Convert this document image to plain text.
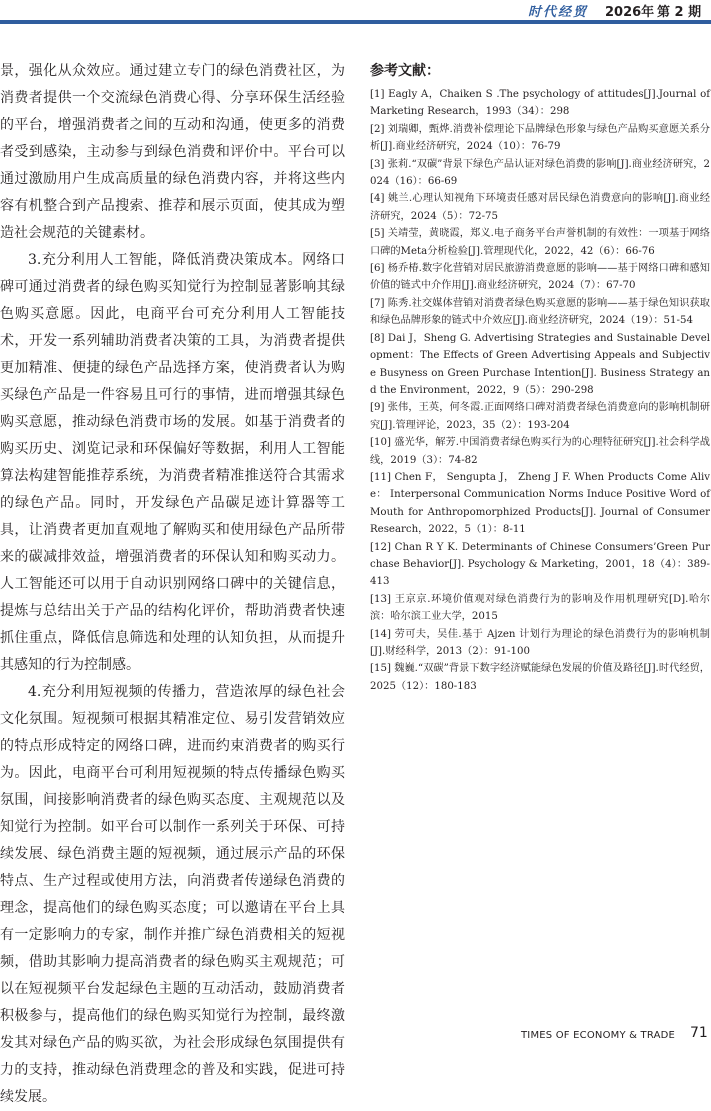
时代经贸 2026年 第 2 期

景，强化从众效应。通过建立专门的绿色消费社区，为消费者提供一个交流绿色消费心得、分享环保生活经验的平台，增强消费者之间的互动和沟通，使更多的消费者受到感染，主动参与到绿色消费和评价中。平台可以通过激励用户生成高质量的绿色消费内容，并将这些内容有机整合到产品搜索、推荐和展示页面，使其成为塑造社会规范的关键素材。

3.充分利用人工智能，降低消费决策成本。网络口碑可通过消费者的绿色购买知觉行为控制显著影响其绿色购买意愿。因此，电商平台可充分利用人工智能技术，开发一系列辅助消费者决策的工具，为消费者提供更加精准、便捷的绿色产品选择方案，使消费者认为购买绿色产品是一件容易且可行的事情，进而增强其绿色购买意愿，推动绿色消费市场的发展。如基于消费者的购买历史、浏览记录和环保偏好等数据，利用人工智能算法构建智能推荐系统，为消费者精准推送符合其需求的绿色产品。同时，开发绿色产品碳足迹计算器等工具，让消费者更加直观地了解购买和使用绿色产品所带来的碳减排效益，增强消费者的环保认知和购买动力。人工智能还可以用于自动识别网络口碑中的关键信息，提炼与总结出关于产品的结构化评价，帮助消费者快速抓住重点，降低信息筛选和处理的认知负担，从而提升其感知的行为控制感。

4.充分利用短视频的传播力，营造浓厚的绿色社会文化氛围。短视频可根据其精准定位、易引发营销效应的特点形成特定的网络口碑，进而约束消费者的购买行为。因此，电商平台可利用短视频的特点传播绿色购买氛围，间接影响消费者的绿色购买态度、主观规范以及知觉行为控制。如平台可以制作一系列关于环保、可持续发展、绿色消费主题的短视频，通过展示产品的环保特点、生产过程或使用方法，向消费者传递绿色消费的理念，提高他们的绿色购买态度；可以邀请在平台上具有一定影响力的专家，制作并推广绿色消费相关的短视频，借助其影响力提高消费者的绿色购买主观规范；可以在短视频平台发起绿色主题的互动活动，鼓励消费者积极参与，提高他们的绿色购买知觉行为控制，最终激发其对绿色产品的购买欲，为社会形成绿色氛围提供有力的支持，推动绿色消费理念的普及和实践，促进可持续发展。

参考文献：

[1] Eagly A，Chaiken S .The psychology of attitudes[J].Journal of Marketing Research，1993（34）：298

[2] 刘瑞卿，甄烨.消费补偿理论下品牌绿色形象与绿色产品购买意愿关系分析[J].商业经济研究，2024（10）：76-79

[3] 张莉.“双碳”背景下绿色产品认证对绿色消费的影响[J].商业经济研究，2024（16）：66-69

[4] 姚兰.心理认知视角下环境责任感对居民绿色消费意向的影响[J].商业经济研究，2024（5）：72-75

[5] 关靖莹，黄晓霞，郑义.电子商务平台声誉机制的有效性：一项基于网络口碑的Meta分析检验[J].管理现代化，2022，42（6）：66-76

[6] 杨乔椿.数字化营销对居民旅游消费意愿的影响——基于网络口碑和感知价值的链式中介作用[J].商业经济研究，2024（7）：67-70

[7] 陈秀.社交媒体营销对消费者绿色购买意愿的影响——基于绿色知识获取和绿色品牌形象的链式中介效应[J].商业经济研究，2024（19）：51-54

[8] Dai J，Sheng G. Advertising Strategies and Sustainable Development：The Effects of Green Advertising Appeals and Subjective Busyness on Green Purchase Intention[J]. Business Strategy and the Environment，2022，9（5）：290-298

[9] 张伟，王英，何冬霞.正面网络口碑对消费者绿色消费意向的影响机制研究[J].管理评论，2023，35（2）：193-204

[10] 盛光华，解芳.中国消费者绿色购买行为的心理特征研究[J].社会科学战线，2019（3）：74-82

[11] Chen F， Sengupta J， Zheng J F. When Products Come Alive： Interpersonal Communication Norms Induce Positive Word of Mouth for Anthropomorphized Products[J]. Journal of Consumer Research，2022，5（1）：8-11

[12] Chan R Y K. Determinants of Chinese Consumers’Green Purchase Behavior[J]. Psychology & Marketing，2001，18（4）：389-413

[13] 王京京.环境价值观对绿色消费行为的影响及作用机理研究[D].哈尔滨：哈尔滨工业大学，2015

[14] 劳可夫，吴佳.基于 Ajzen 计划行为理论的绿色消费行为的影响机制[J].财经科学，2013（2）：91-100

[15] 魏巍.“双碳”背景下数字经济赋能绿色发展的价值及路径[J].时代经贸，2025（12）：180-183

TIMES OF ECONOMY & TRADE 71
